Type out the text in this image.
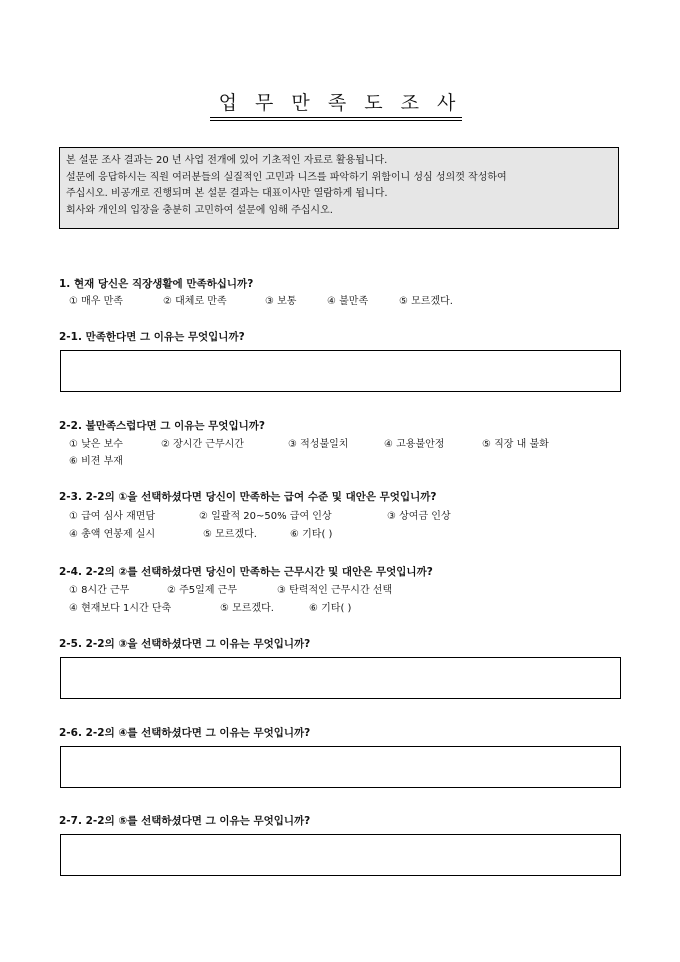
업 무 만 족 도 조 사
본 설문 조사 결과는 20 년 사업 전개에 있어 기초적인 자료로 활용됩니다.
설문에 응답하시는 직원 여러분들의 실질적인 고민과 니즈를 파악하기 위함이니 성심 성의껏 작성하여
주십시오. 비공개로 진행되며 본 설문 결과는 대표이사만 열람하게 됩니다.
회사와 개인의 입장을 충분히 고민하여 설문에 임해 주십시오.
1. 현재 당신은 직장생활에 만족하십니까?
① 매우 만족	② 대체로 만족	③ 보통	④ 불만족	⑤ 모르겠다.
2-1. 만족한다면 그 이유는 무엇입니까?
2-2. 불만족스럽다면 그 이유는 무엇입니까?
① 낮은 보수	② 장시간 근무시간	③ 적성불일치	④ 고용불안정	⑤ 직장 내 불화
⑥ 비젼 부재
2-3. 2-2의 ①을 선택하셨다면 당신이 만족하는 급여 수준 및 대안은 무엇입니까?
① 급여 심사 재면담	② 일괄적 20~50% 급여 인상	③ 상여금 인상
④ 총액 연봉제 실시	⑤ 모르겠다.	⑥ 기타( )
2-4. 2-2의 ②를 선택하셨다면 당신이 만족하는 근무시간 및 대안은 무엇입니까?
① 8시간 근무	② 주5일제 근무	③ 탄력적인 근무시간 선택
④ 현재보다 1시간 단축	⑤ 모르겠다.	⑥ 기타( )
2-5. 2-2의 ③을 선택하셨다면 그 이유는 무엇입니까?
2-6. 2-2의 ④를 선택하셨다면 그 이유는 무엇입니까?
2-7. 2-2의 ⑤를 선택하셨다면 그 이유는 무엇입니까?
